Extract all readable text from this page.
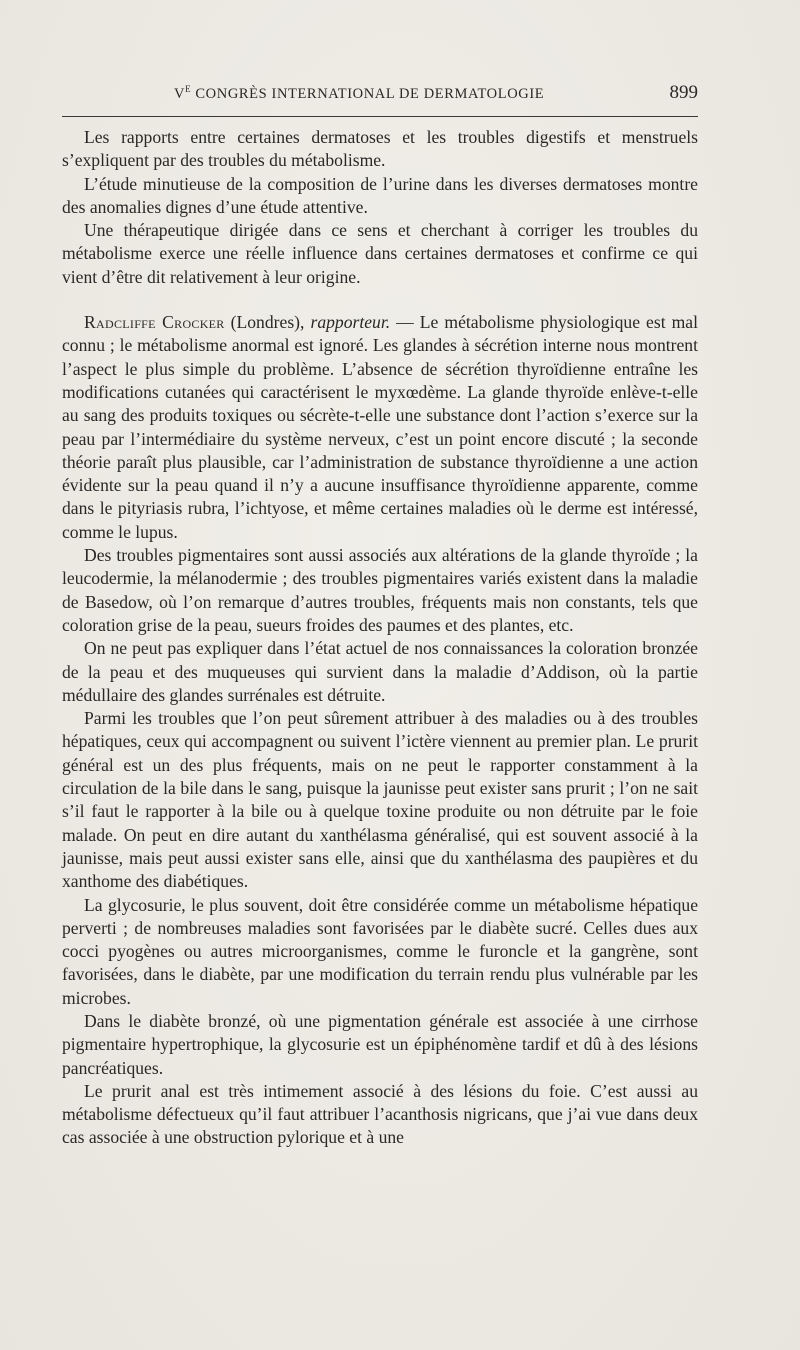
$V^E$ CONGRÈS INTERNATIONAL DE DERMATOLOGIE	899

Les rapports entre certaines dermatoses et les troubles digestifs et menstruels s’expliquent par des troubles du métabolisme.

L’étude minutieuse de la composition de l’urine dans les diverses dermatoses montre des anomalies dignes d’une étude attentive.

Une thérapeutique dirigée dans ce sens et cherchant à corriger les troubles du métabolisme exerce une réelle influence dans certaines dermatoses et confirme ce qui vient d’être dit relativement à leur origine.

Radcliffe Crocker (Londres), rapporteur. — Le métabolisme physiologique est mal connu ; le métabolisme anormal est ignoré. Les glandes à sécrétion interne nous montrent l’aspect le plus simple du problème. L’absence de sécrétion thyroïdienne entraîne les modifications cutanées qui caractérisent le myxœdème. La glande thyroïde enlève-t-elle au sang des produits toxiques ou sécrète-t-elle une substance dont l’action s’exerce sur la peau par l’intermédiaire du système nerveux, c’est un point encore discuté ; la seconde théorie paraît plus plausible, car l’administration de substance thyroïdienne a une action évidente sur la peau quand il n’y a aucune insuffisance thyroïdienne apparente, comme dans le pityriasis rubra, l’ichtyose, et même certaines maladies où le derme est intéressé, comme le lupus.

Des troubles pigmentaires sont aussi associés aux altérations de la glande thyroïde ; la leucodermie, la mélanodermie ; des troubles pigmentaires variés existent dans la maladie de Basedow, où l’on remarque d’autres troubles, fréquents mais non constants, tels que coloration grise de la peau, sueurs froides des paumes et des plantes, etc.

On ne peut pas expliquer dans l’état actuel de nos connaissances la coloration bronzée de la peau et des muqueuses qui survient dans la maladie d’Addison, où la partie médullaire des glandes surrénales est détruite.

Parmi les troubles que l’on peut sûrement attribuer à des maladies ou à des troubles hépatiques, ceux qui accompagnent ou suivent l’ictère viennent au premier plan. Le prurit général est un des plus fréquents, mais on ne peut le rapporter constamment à la circulation de la bile dans le sang, puisque la jaunisse peut exister sans prurit ; l’on ne sait s’il faut le rapporter à la bile ou à quelque toxine produite ou non détruite par le foie malade. On peut en dire autant du xanthélasma généralisé, qui est souvent associé à la jaunisse, mais peut aussi exister sans elle, ainsi que du xanthélasma des paupières et du xanthome des diabétiques.

La glycosurie, le plus souvent, doit être considérée comme un métabolisme hépatique perverti ; de nombreuses maladies sont favorisées par le diabète sucré. Celles dues aux cocci pyogènes ou autres microorganismes, comme le furoncle et la gangrène, sont favorisées, dans le diabète, par une modification du terrain rendu plus vulnérable par les microbes.

Dans le diabète bronzé, où une pigmentation générale est associée à une cirrhose pigmentaire hypertrophique, la glycosurie est un épiphénomène tardif et dû à des lésions pancréatiques.

Le prurit anal est très intimement associé à des lésions du foie. C’est aussi au métabolisme défectueux qu’il faut attribuer l’acanthosis nigricans, que j’ai vue dans deux cas associée à une obstruction pylorique et à une
